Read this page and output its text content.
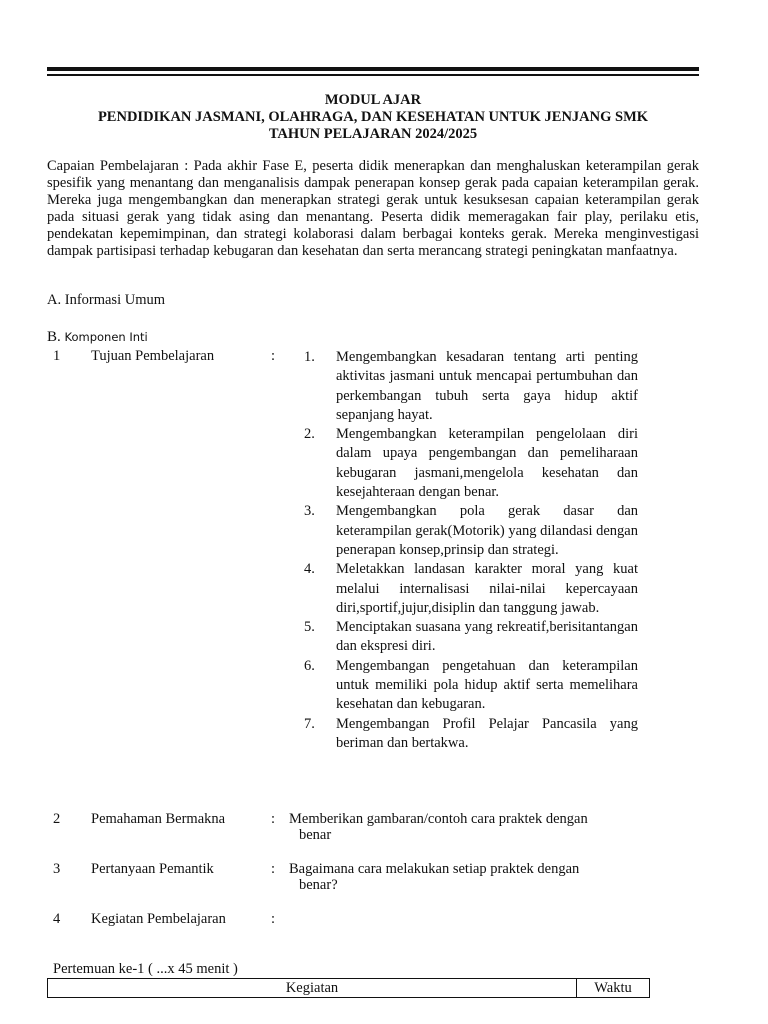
MODUL AJAR
PENDIDIKAN JASMANI, OLAHRAGA, DAN KESEHATAN UNTUK JENJANG SMK
TAHUN PELAJARAN 2024/2025
Capaian Pembelajaran : Pada akhir Fase E, peserta didik menerapkan dan menghaluskan keterampilan gerak spesifik yang menantang dan menganalisis dampak penerapan konsep gerak pada capaian keterampilan gerak. Mereka juga mengembangkan dan menerapkan strategi gerak untuk kesuksesan capaian keterampilan gerak pada situasi gerak yang tidak asing dan menantang. Peserta didik memeragakan fair play, perilaku etis, pendekatan kepemimpinan, dan strategi kolaborasi dalam berbagai konteks gerak. Mereka menginvestigasi dampak partisipasi terhadap kebugaran dan kesehatan dan serta merancang strategi peningkatan manfaatnya.
A. Informasi Umum
B. Komponen Inti
1 Tujuan Pembelajaran	: 1.	Mengembangkan kesadaran tentang arti penting aktivitas jasmani untuk mencapai pertumbuhan dan perkembangan tubuh serta gaya hidup aktif sepanjang hayat.
2.	Mengembangkan keterampilan pengelolaan diri dalam upaya pengembangan dan pemeliharaan kebugaran jasmani,mengelola kesehatan dan kesejahteraan dengan benar.
3.	Mengembangkan pola gerak dasar dan keterampilan gerak(Motorik) yang dilandasi dengan penerapan konsep,prinsip dan strategi.
4.	Meletakkan landasan karakter moral yang kuat melalui internalisasi nilai-nilai kepercayaan diri,sportif,jujur,disiplin dan tanggung jawab.
5.	Menciptakan suasana yang rekreatif,berisitantangan dan ekspresi diri.
6.	Mengembangan pengetahuan dan keterampilan untuk memiliki pola hidup aktif serta memelihara kesehatan dan kebugaran.
7.	Mengembangan Profil Pelajar Pancasila yang beriman dan bertakwa.
2 Pemahaman Bermakna	: Memberikan gambaran/contoh cara praktek dengan
benar
3 Pertanyaan Pemantik	: Bagaimana cara melakukan setiap praktek dengan
benar?
4 Kegiatan Pembelajaran	:
Pertemuan ke-1 ( ...x 45 menit )
Kegiatan	Waktu
